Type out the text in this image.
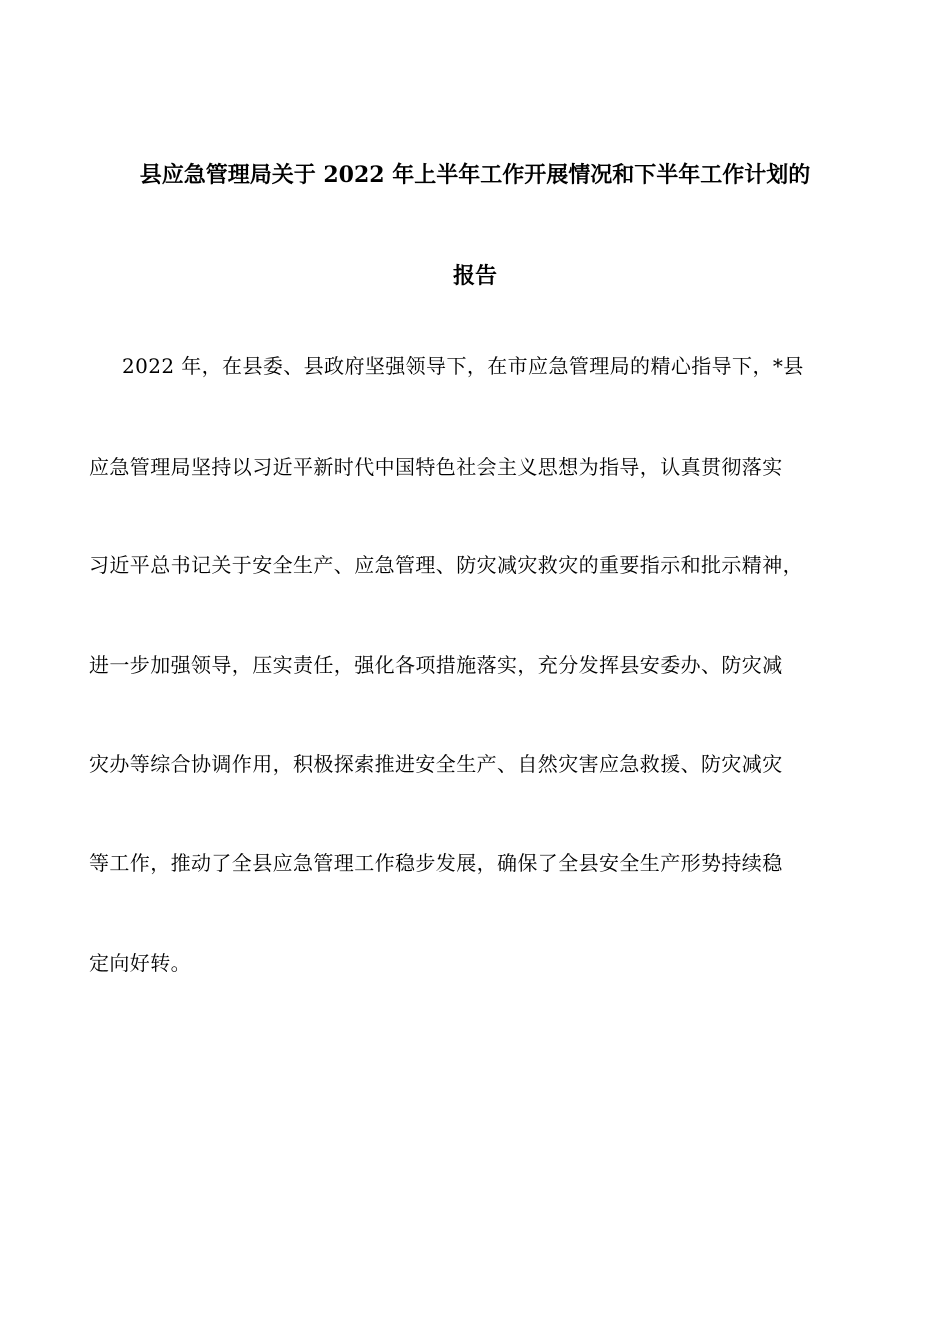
县应急管理局关于 2022 年上半年工作开展情况和下半年工作计划的
报告
2022 年，在县委、县政府坚强领导下，在市应急管理局的精心指导下，*县
应急管理局坚持以习近平新时代中国特色社会主义思想为指导，认真贯彻落实
习近平总书记关于安全生产、应急管理、防灾减灾救灾的重要指示和批示精神，
进一步加强领导，压实责任，强化各项措施落实，充分发挥县安委办、防灾减
灾办等综合协调作用，积极探索推进安全生产、自然灾害应急救援、防灾减灾
等工作，推动了全县应急管理工作稳步发展，确保了全县安全生产形势持续稳
定向好转。
